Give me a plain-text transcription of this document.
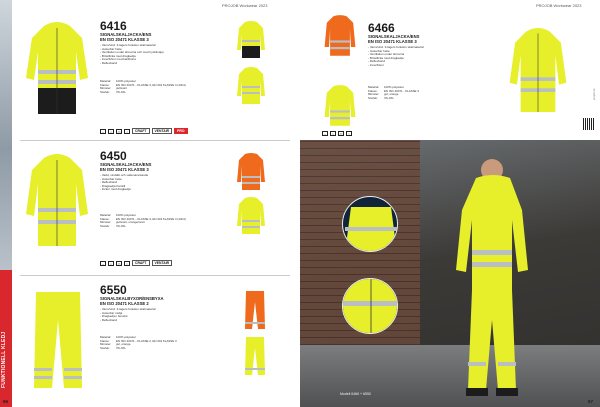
FUNKTIONELL KLEDJ
PROJOB Workwear 2023
6416
SIGNALSKALJACKA/ENS
EN ISO 20471 KLASSE 3
- Vann/vind. 3-lagers funktion skalmaterial
- Justerbar hette
- Ventilation under ärmarna och med tryckknapp
- Bröstficka med dragkedja
- Innerfickor med kardborre
- Reflexband
Material: 100% polyester
Klasse: EN ISO 20471 - KLASSE 3, EN 343 KLASSE 3 (4/4/4)
Mönster: gul/svart
Storlek: XS-4XL
~	△	▭	○	CRAFT	VENTAIR	PRO
6450
SIGNALSKALJACKA/ENS
EN ISO 20471 KLASSE 3
- Vadd, vindtätt och vattenavvisande
- Justerbar hette
- Reflexband
- Dragkedja framtill
- Fickor med dragkedja
Material: 100% polyester
Klasse: EN ISO 20471 - KLASSE 3, EN 343 KLASSE 3 (4/4/4)
Mönster: gul/svart, orange/svart
Storlek: XS-4XL
~	△	▭	○	CRAFT	VENTAIR
6550
SIGNALSKALBYXOR/ENSBYXA
EN ISO 20471 KLASSE 2
- Vann/vind. 3-lagers funktion skalmaterial
- Justerbar midja
- Dragkedja i benslut
- Reflexband
Material: 100% polyester
Klasse: EN ISO 20471 - KLASSE 2, EN 343 KLASSE 3
Mönster: gul, orange
Storlek: XS-4XL
66
PROJOB Workwear 2023
6466
SIGNALSKALJACKA/ENS
EN ISO 20471 KLASSE 3
- Vann/vind. 3-lagers funktion skalmaterial
- Justerbar hette
- Ventilation under ärmarna
- Bröstficka med dragkedja
- Reflexband
- Innerfickor
Material: 100% polyester
Klasse: EN ISO 20471 - KLASSE 3
Mönster: gul, orange
Storlek: XS-4XL
~	△	▭	○
projob.se
Modell 6466 + 6550
67
